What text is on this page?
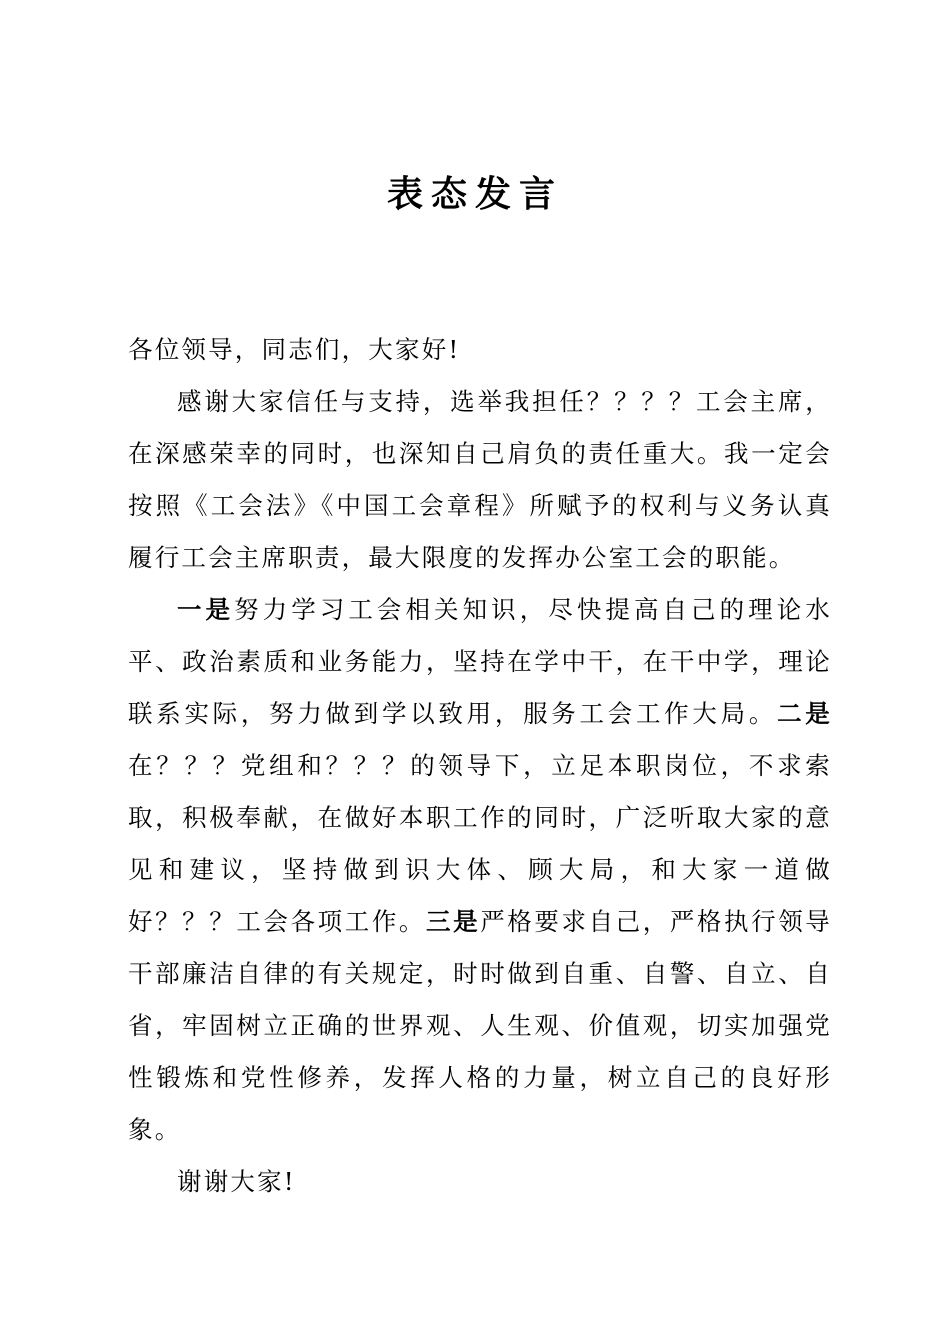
表态发言

各位领导，同志们，大家好!

感谢大家信任与支持，选举我担任？？？？工会主席，在深感荣幸的同时，也深知自己肩负的责任重大。我一定会按照《工会法》《中国工会章程》所赋予的权利与义务认真履行工会主席职责，最大限度的发挥办公室工会的职能。

一是努力学习工会相关知识，尽快提高自己的理论水平、政治素质和业务能力，坚持在学中干，在干中学，理论联系实际，努力做到学以致用，服务工会工作大局。二是在？？？党组和？？？的领导下，立足本职岗位，不求索取，积极奉献，在做好本职工作的同时，广泛听取大家的意见和建议，坚持做到识大体、顾大局，和大家一道做好？？？工会各项工作。三是严格要求自己，严格执行领导干部廉洁自律的有关规定，时时做到自重、自警、自立、自省，牢固树立正确的世界观、人生观、价值观，切实加强党性锻炼和党性修养，发挥人格的力量，树立自己的良好形象。

谢谢大家!
